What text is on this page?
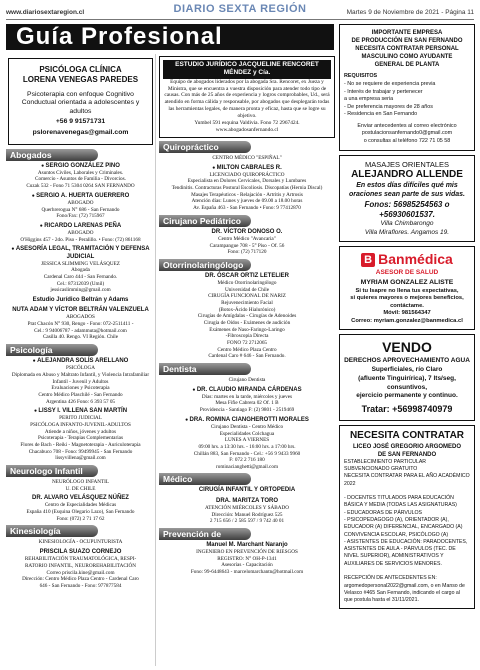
www.diariosextaregion.cl	DIARIO SEXTA REGIÓN	Martes 9 de Noviembre de 2021 - Página 11
Guía Profesional
PSICÓLOGA CLÍNICA
LORENA VENEGAS PAREDES
Psicoterapia con enfoque Cognitivo Conductual orientada a adolescentes y adultos
+56 9 91571731
pslorenavenegas@gmail.com
Abogados
● SERGIO GONZÁLEZ PINO

Asuntos Civiles, Laborales y Criminales.

Comercio - Asuntos de Familia - Divorcios.

Cuzak 532 - Fono 71 5304 0264 SAN FERNANDO

● SERGIO A. HUERTA GUERRERO

ABOGADO

Querhrerogua N° 686 - San Fernando

Fono/Fax: (72) 715967

● RICARDO LARENAS PEÑA

ABOGADO

O'Higgins 457 - 2do. Piso - Peralillo. • Fono: (72) 861168

● ASESORÍA LEGAL, TRAMITACIÓN Y DEFENSA JUDICIAL

JESSICA SLIMMING VELÁSQUEZ

Abogada

Cardenal Caro 444 - San Fernando.

Cel.: 87312039 (Umil)

jessicaslimming@gmail.com

Estudio Jurídico Beltrán y Adams
NUTA ADAM Y VÍCTOR BELTRÁN VALENZUELA

ABOGADOS

Prat Chacón N° 930, Rengo - Fono: 072-2511411 -

Cel.: 9 94006787 - adammuta@hotmail.com

Casilla 40. Rengo. VI Región. Chile

Psicología
● ALEJANDRA SOLÍS ARELLANO

PSICÓLOGA

Diplomada en Abuso y Maltrato Infantil, y Violencia Intrafamiliar

Infantil - Juvenil y Adultos

Evaluaciones y Psicoterapia

Centro Médico Plaschilé - San Fernando

Argentina 426 Fono: 6 393 57 05

● LISSY I. VILLENA SAN MARTÍN

PERITO JUDICIAL

PSICÓLOGA INFANTO-JUVENIL-ADULTOS

Atiende a niños, jóvenes y adultos

Psicoterapia - Terapias Complementarias

Flores de Bach - Reiki - Magnetoterapia - Auriculoterapia

Chacabuco 708 - Fono: 99499945 - San Fernando

lissyvillena@gmail.com

Neurologo Infantil

NEURÓLOGO INFANTIL

U. DE CHILE

DR. ALVARO VELÁSQUEZ NÚÑEZ

Centro de Especialidades Médicas

España 410 (Esquina Olegario Lazo), San Fernando

Fono: (072) 2 71 17 62

Kinesiología

KINESIOLOGÍA - OCUPUNTURISTA

PRISCILA SUAZO CORNEJO

REHABILITACIÓN TRAUMATOLÓGICA, RESPI-

RATORIO INFANTIL, NEUROREHABILITACIÓN

Correo priscila.kine@gmail.com

Dirección: Centro Médico Plaza Centro - Cardenal Caro

646 - San Fernando - Fono: 977877584

ESTUDIO JURÍDICO JACQUELINE RENCORET MÉNDEZ y Cía.

Equipo de abogados liderados por la abogada Sra. Rencoret, ex Jueza y Ministra, que se encuentra a vuestra disposición para atender todo tipo de causas. Con más de 25 años de experiencia y logros comprobables, Ud., será atendido en forma cálida y responsable, por abogados que desplegarán todas las herramientas legales, de manera pronta y eficaz, hasta que se logre su objetivo.

Yumbel 591 esquina Valdivia. Fono 72 2967424.

www.abogadosanfernando.cl

Quiropráctico

CENTRO MÉDICO "ESPIÑAL"

● MILTON CABRALES R.

LICENCIADO QUIROPRÁCTICO

Especialista en Dolores Cervicales, Dorsales y Lumbares

Tendinitis. Contracturas Postural Escoliosis. Discopatías (Hernia Discal)

Masajes Terapéuticos - Relajación - Artritis y Artrosis

Atención días: Lunes y jueves de 09.00 a 18.00 horas

Av. España 463 - San Fernando • Fono: 9 77412870

Cirujano Pediátrico
DR. VÍCTOR DONOSO O.

Centro Médico "Avancaria"

Carampangue 708 - 5° Piso - Of. 56

Fono: (72) 717120

Otorrinolaringólogo
DR. ÓSCAR ORTIZ LETELIER

Médico Otorrinolaringólogo

Universidad de Chile

CIRUGÍA FUNCIONAL DE NARIZ

Rejuvenecimiento Facial

(Botox-Ácido Hialurónico)

Cirugías de Amígdalas - Cirugías de Adenoides

Cirugía de Oídos - Exámenes de audición

Exámenes de Naso-Faringo-Laringo

-Fibroscopia Directa

FONO 72 2712065

Centro Médico Plaza Centro

Cardenal Caro # 646 - San Fernando.

Dentista

Cirujano Dentista

● DR. CLAUDIO MIRANDA CÁRDENAS

Días: martes en la tarde, miércoles y jueves

Mesa Fifie Cabrera 02 Of. 1 B

Providencia - Santiago F: (2) 9801 - 2519469

● DRA. ROMINA CIANGHEROTTI MORALES

Cirujano Dentista - Centro Médico

Especialidades Colchagua

LUNES A VIERNES

09:00 hrs. a 13:30 hrs. - 16:00 hrs. a 17:00 hrs.

Chillán 883, San Fernando - Cel.: +56 9 9433 9960

F: 072 2 716 180

rominacianghetti@gmail.com

Médico
CIRUGÍA INFANTIL Y ORTOPEDIA
DRA. MARITZA TORO

ATENCIÓN MIÉRCOLES Y SÁBADO

Dirección: Manuel Rodríguez 525

2 715 656 / 2 585 597 / 9 742 40 01

Prevención de Riesgos	Manuel M. Marchant Naranjo

INGENIERO EN PREVENCIÓN DE RIESGOS

REGISTRO: N° OH-P-1341

Asesorías - Capacitación

Fono: 99-6448643 - marcelomarchantn@hotmail.com

IMPORTANTE EMPRESA
DE PRODUCCIÓN EN SAN FERNANDO
NECESITA CONTRATAR PERSONAL
MASCULINO COMO AYUDANTE
GENERAL DE PLANTA
REQUISITOS
- No se requiere de experiencia previa
- Interés de trabajar y pertenecer
a una empresa seria
- De preferencia mayores de 28 años
- Residencia en San Fernando
Enviar antecedentes al correo electrónico
postulacionsanfernando0@gmail.com
o consultas al teléfono 722 71 05 58
MASAJES ORIENTALES
ALEJANDRO ALLENDE
En estos días difíciles qué mis oraciones sean parte de sus vidas.
Fonos: 56985254563 o +56930601537.
Villa Chimbarongo
Villa Miraflores. Angamos 19.
B Banmédica
ASESOR DE SALUD
MYRIAM GONZALEZ ALISTE
Si tu Isapre no llena tus expectativas,
si quieres mayores o mejores beneficios,
contáctame.
Móvil: 981564347
Correo: myriam.gonzalez@banmedica.cl
VENDO
DERECHOS APROVECHAMIENTO AGUA
Superficiales, río Claro
(afluente Tinguirírica), 7 lts/seg,
consuntivos,
ejercicio permanente y continuo.
Tratar: +56998740979
NECESITA CONTRATAR
LICEO JOSÉ GREGORIO ARGOMEDO
DE SAN FERNANDO
ESTABLECIMIENTO PARTICULAR SUBVENCIONADO GRATUITO
NECESITA CONTRATAR PARA EL AÑO ACADÉMICO 2022

- DOCENTES TITULADOS PARA EDUCACIÓN BÁSICA Y MEDIA (TODAS LAS ASIGNATURAS)
- EDUCADORAS DE PÁRVULOS
- PSICOPEDAGOGO (A), ORIENTADOR (A), EDUCADOR (A) DIFERENCIAL, ENCARGADO (A) CONVIVENCIA ESCOLAR, PSICÓLOGO (A)
- ASISTENTES DE EDUCACIÓN: PARADOCENTES, ASISTENTES DE AULA - PÁRVULOS (TEC. DE NIVEL SUPERIOR), ADMINISTRATIVOS Y AUXILIARES DE SERVICIOS MENORES.

RECEPCIÓN DE ANTECEDENTES EN:
argomedopersonal2022@gmail.com, o en Manso de Velasco #465 San Fernando, indicando el cargo al que postula hasta el 31/11/2021.
